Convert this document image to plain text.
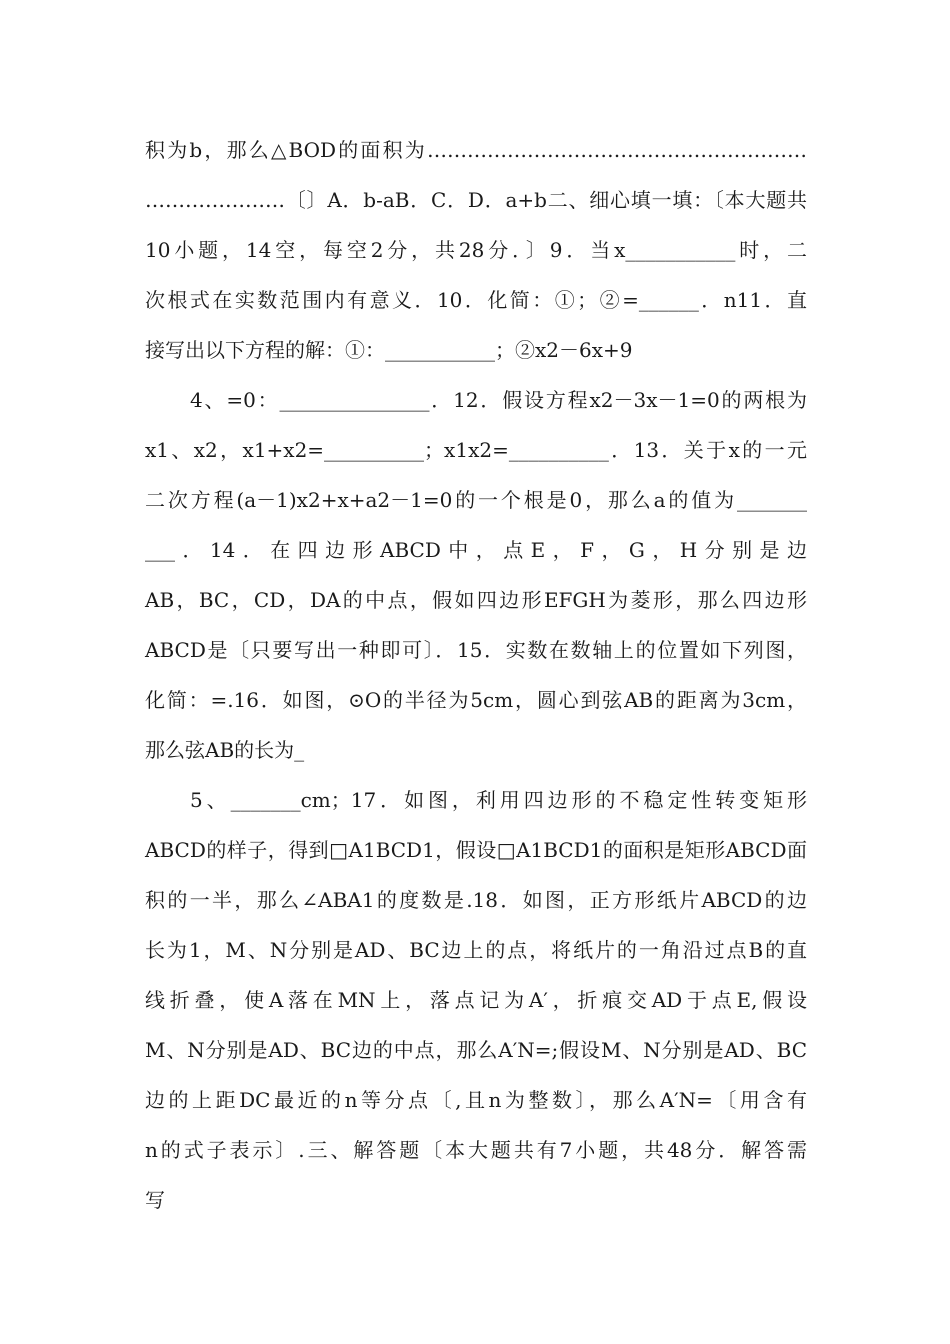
积为b，那么△BOD的面积为…………………………………………………
…………………〔〕A．b-aB．C．D．a+b二、细心填一填：〔本大题共
10小题，14空，每空2分，共28分．〕9．当x___________时，二
次根式在实数范围内有意义．10．化简：①；②=______．n11．直
接写出以下方程的解：①：___________；②x2－6x+9
4、=0：_______________．12．假设方程x2－3x－1=0的两根为
x1、x2，x1+x2=__________；x1x2=__________．13．关于x的一元
二次方程(a－1)x2+x+a2－1=0的一个根是0，那么a的值为_______
___．14．在四边形ABCD中，点E，F，G，H分别是边
AB，BC，CD，DA的中点，假如四边形EFGH为菱形，那么四边形
ABCD是〔只要写出一种即可〕．15．实数在数轴上的位置如下列图，
化简：=.16．如图，⊙O的半径为5cm，圆心到弦AB的距离为3cm，
那么弦AB的长为_
5、_______cm；17．如图，利用四边形的不稳定性转变矩形
ABCD的样子，得到□A1BCD1，假设□A1BCD1的面积是矩形ABCD面
积的一半，那么∠ABA1的度数是.18．如图，正方形纸片ABCD的边
长为1，M、N分别是AD、BC边上的点，将纸片的一角沿过点B的直
线折叠，使A落在MN上，落点记为A′，折痕交AD于点E,假设
M、N分别是AD、BC边的中点，那么A′N=;假设M、N分别是AD、BC
边的上距DC最近的n等分点〔,且n为整数〕，那么A′N=〔用含有
n的式子表示〕.三、解答题〔本大题共有7小题，共48分．解答需
写
